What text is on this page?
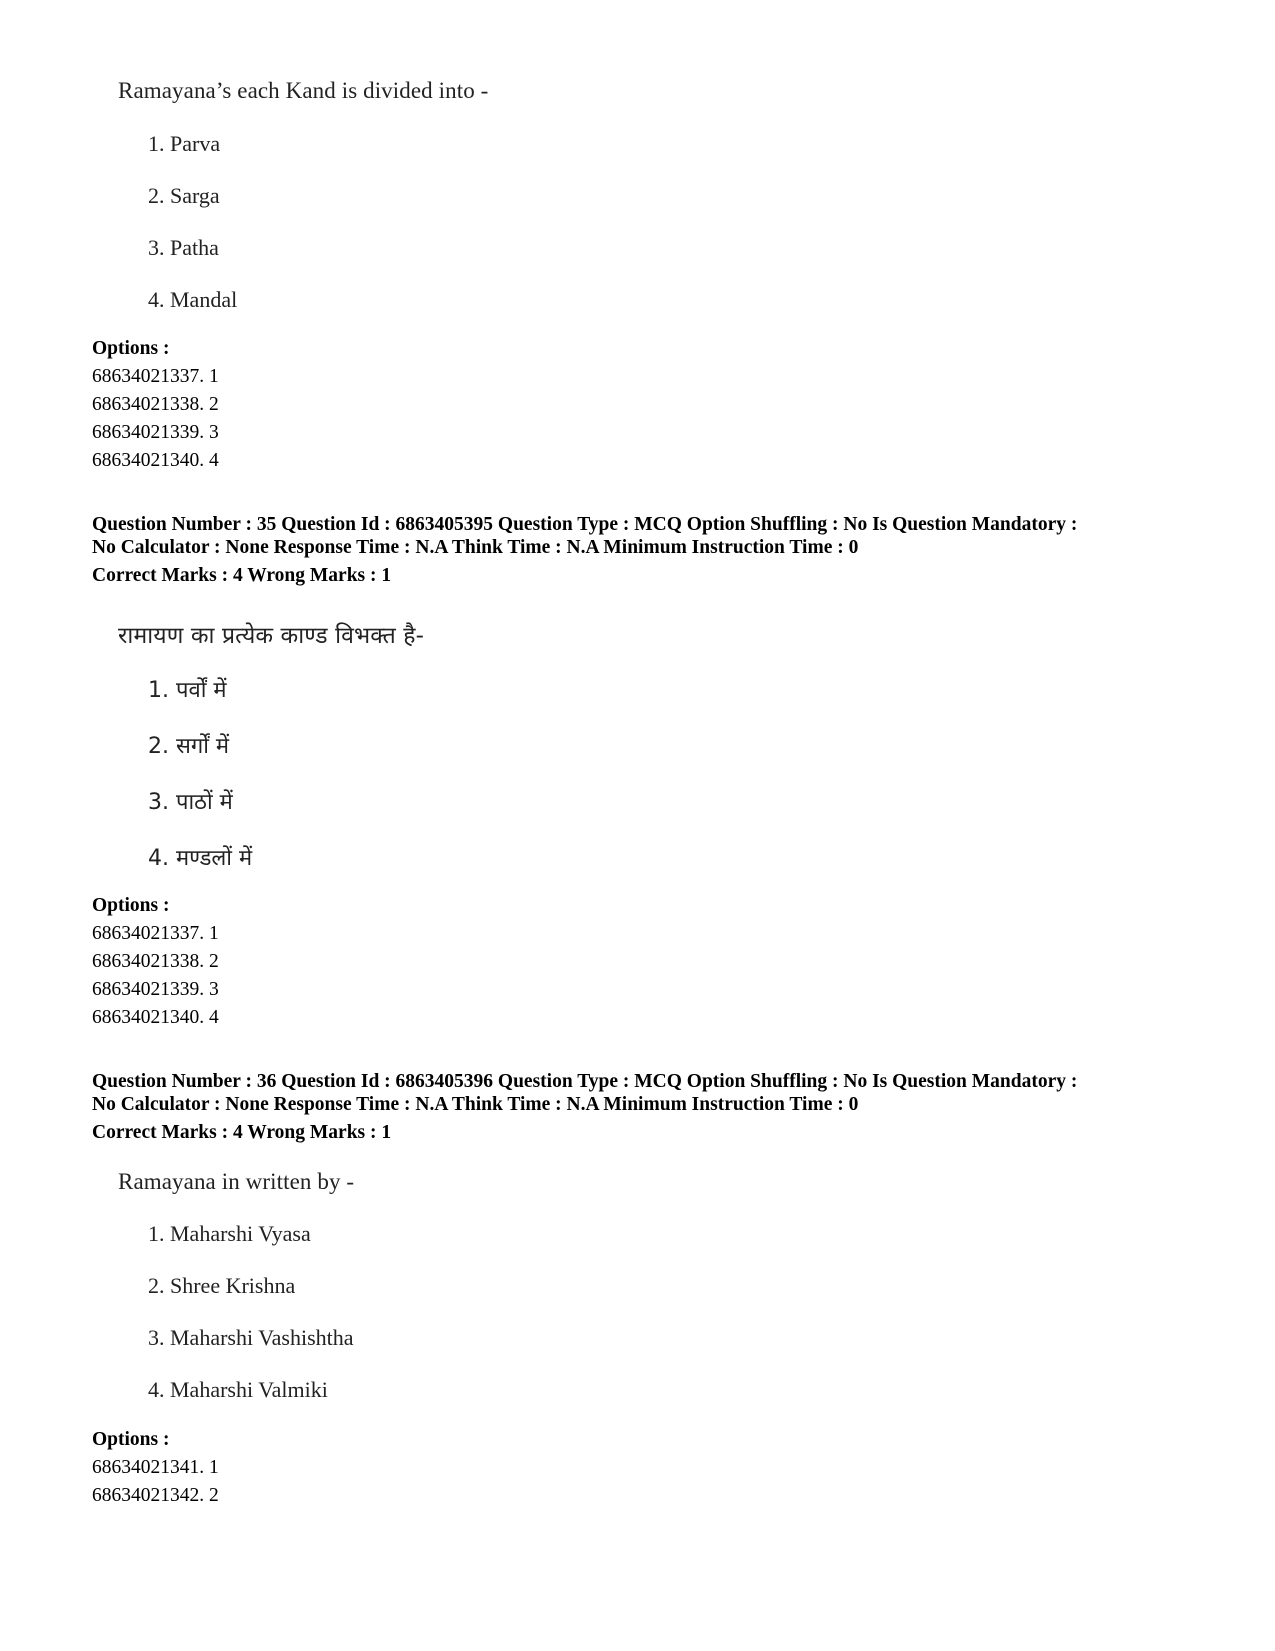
Ramayana’s each Kand is divided into -
1. Parva
2. Sarga
3. Patha
4. Mandal
Options :
68634021337. 1
68634021338. 2
68634021339. 3
68634021340. 4
Question Number : 35 Question Id : 6863405395 Question Type : MCQ Option Shuffling : No Is Question Mandatory :
No Calculator : None Response Time : N.A Think Time : N.A Minimum Instruction Time : 0
Correct Marks : 4 Wrong Marks : 1
रामायण का प्रत्येक काण्ड विभक्त है-
1. पर्वों में
2. सर्गों में
3. पाठों में
4. मण्डलों में
Options :
68634021337. 1
68634021338. 2
68634021339. 3
68634021340. 4
Question Number : 36 Question Id : 6863405396 Question Type : MCQ Option Shuffling : No Is Question Mandatory :
No Calculator : None Response Time : N.A Think Time : N.A Minimum Instruction Time : 0
Correct Marks : 4 Wrong Marks : 1
Ramayana in written by -
1. Maharshi Vyasa
2. Shree Krishna
3. Maharshi Vashishtha
4. Maharshi Valmiki
Options :
68634021341. 1
68634021342. 2
